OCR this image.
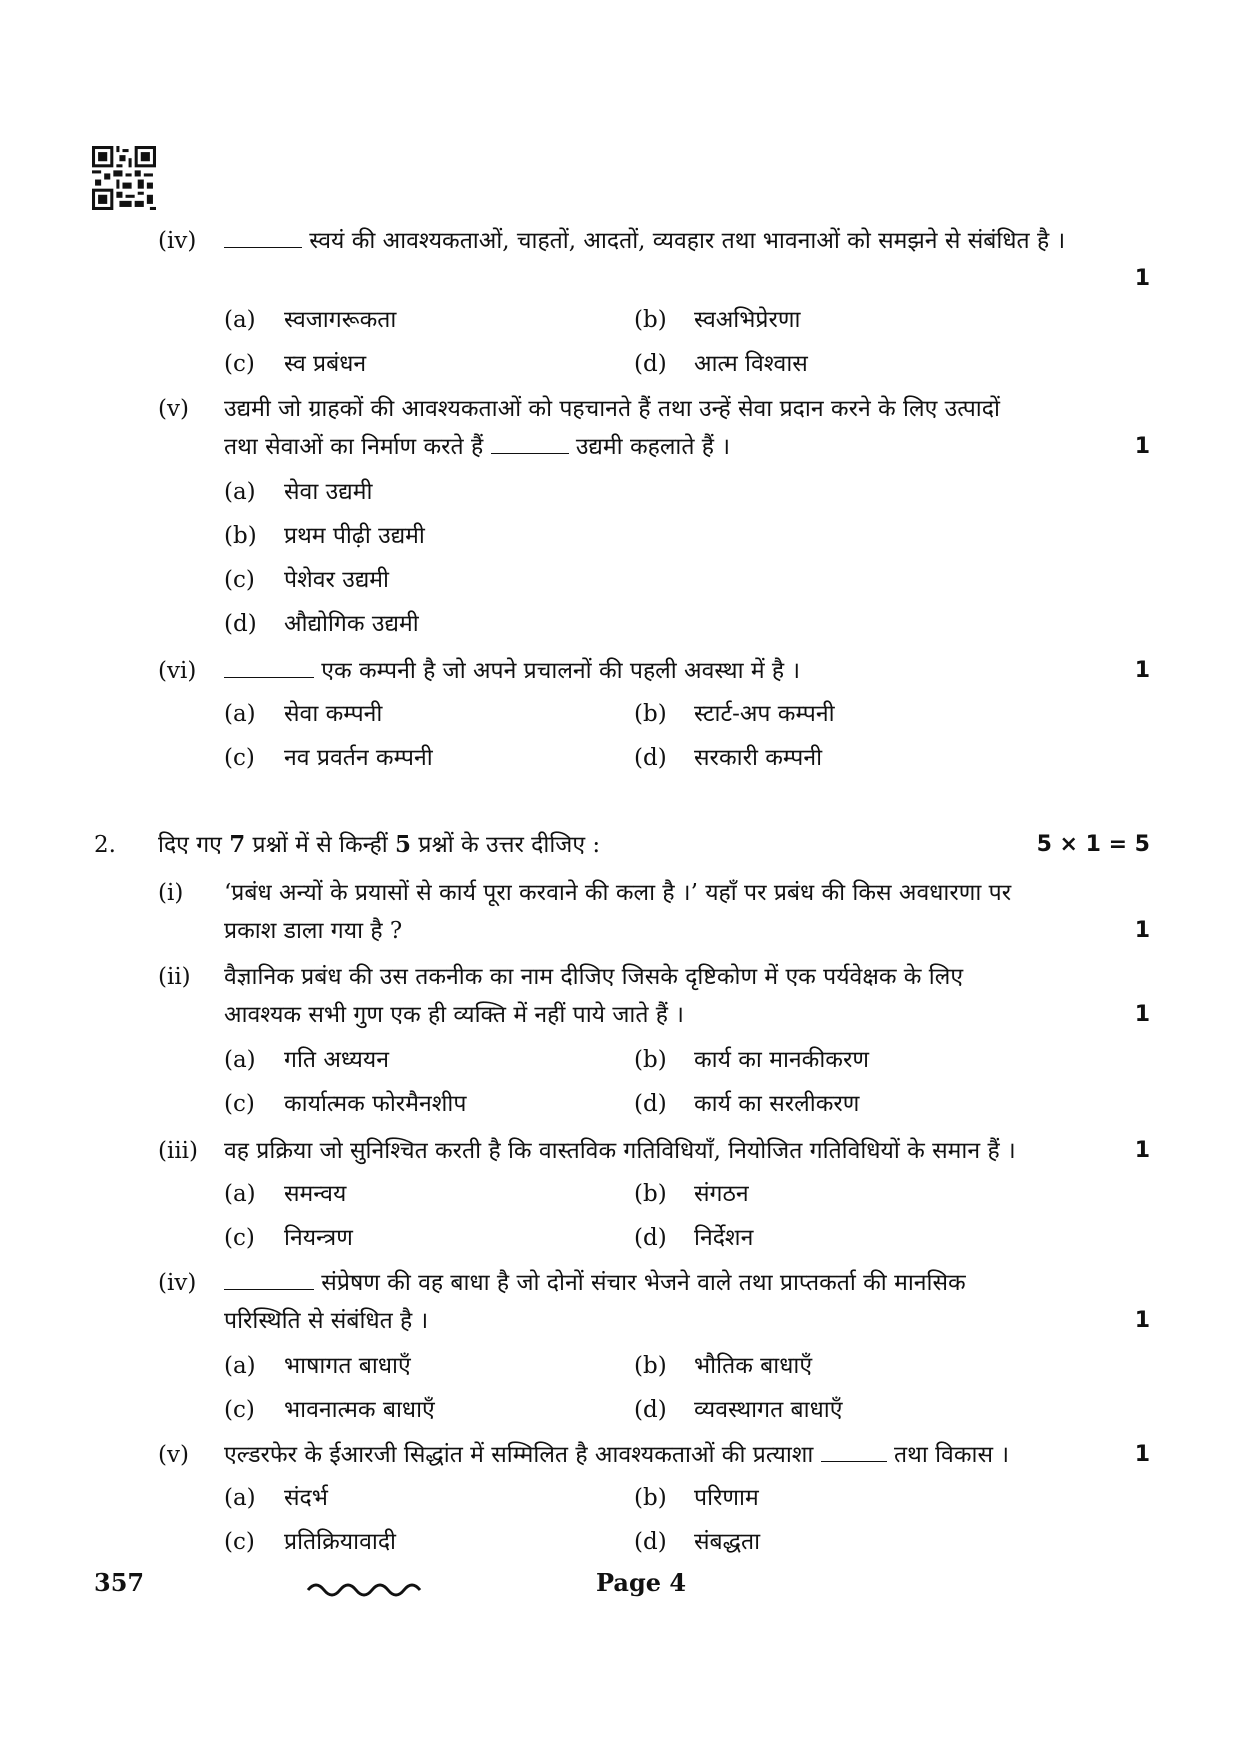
(iv)	स्वयं की आवश्यकताओं, चाहतों, आदतों, व्यवहार तथा भावनाओं को समझने से संबंधित है ।
1
(a) स्वजागरूकता	(b) स्वअभिप्रेरणा
(c) स्व प्रबंधन	(d) आत्म विश्वास
(v)	उद्यमी जो ग्राहकों की आवश्यकताओं को पहचानते हैं तथा उन्हें सेवा प्रदान करने के लिए उत्पादों
तथा सेवाओं का निर्माण करते हैं	उद्यमी कहलाते हैं ।	1
(a) सेवा उद्यमी
(b) प्रथम पीढ़ी उद्यमी
(c) पेशेवर उद्यमी
(d) औद्योगिक उद्यमी
(vi)	एक कम्पनी है जो अपने प्रचालनों की पहली अवस्था में है ।	1
(a) सेवा कम्पनी	(b) स्टार्ट-अप कम्पनी
(c) नव प्रवर्तन कम्पनी	(d) सरकारी कम्पनी
2. दिए गए 7 प्रश्नों में से किन्हीं 5 प्रश्नों के उत्तर दीजिए :	5 × 1 = 5
(i)	‘प्रबंध अन्यों के प्रयासों से कार्य पूरा करवाने की कला है ।’ यहाँ पर प्रबंध की किस अवधारणा पर
प्रकाश डाला गया है ?	1
(ii)	वैज्ञानिक प्रबंध की उस तकनीक का नाम दीजिए जिसके दृष्टिकोण में एक पर्यवेक्षक के लिए
आवश्यक सभी गुण एक ही व्यक्ति में नहीं पाये जाते हैं ।	1
(a) गति अध्ययन	(b) कार्य का मानकीकरण
(c) कार्यात्मक फोरमैनशीप	(d) कार्य का सरलीकरण
(iii)	वह प्रक्रिया जो सुनिश्चित करती है कि वास्तविक गतिविधियाँ, नियोजित गतिविधियों के समान हैं ।	1
(a) समन्वय	(b) संगठन
(c) नियन्त्रण	(d) निर्देशन
(iv)	संप्रेषण की वह बाधा है जो दोनों संचार भेजने वाले तथा प्राप्तकर्ता की मानसिक
परिस्थिति से संबंधित है ।	1
(a) भाषागत बाधाएँ	(b) भौतिक बाधाएँ
(c) भावनात्मक बाधाएँ	(d) व्यवस्थागत बाधाएँ
(v)	एल्डरफेर के ईआरजी सिद्धांत में सम्मिलित है आवश्यकताओं की प्रत्याशा	तथा विकास ।	1
(a) संदर्भ	(b) परिणाम
(c) प्रतिक्रियावादी	(d) संबद्धता
357	Page 4
